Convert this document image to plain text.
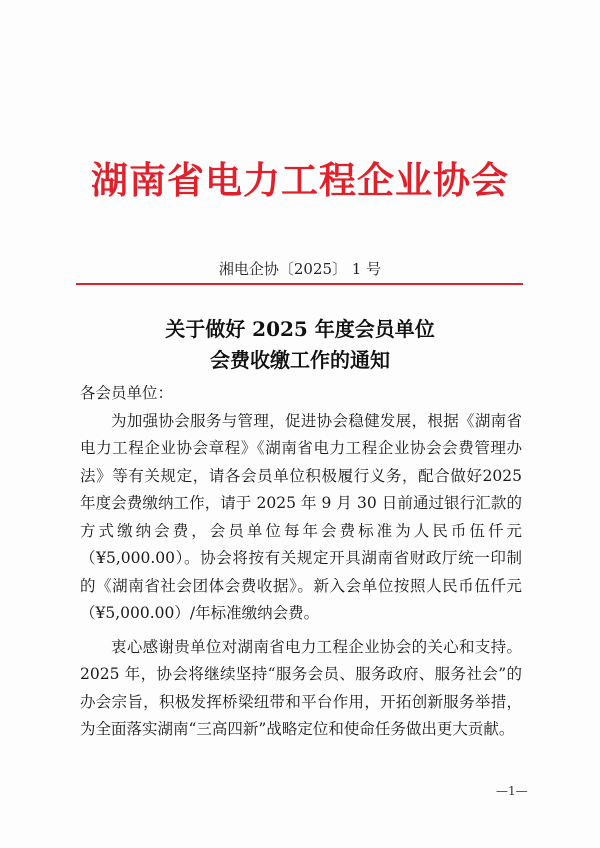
湖南省电力工程企业协会
湘电企协〔2025〕 1 号
关于做好 2025 年度会员单位
会费收缴工作的通知

各会员单位：

为加强协会服务与管理，促进协会稳健发展，根据《湖南省电力工程企业协会章程》《湖南省电力工程企业协会会费管理办法》等有关规定，请各会员单位积极履行义务，配合做好2025年度会费缴纳工作，请于 2025 年 9 月 30 日前通过银行汇款的方式缴纳会费，会员单位每年会费标准为人民币伍仟元（¥5,000.00）。协会将按有关规定开具湖南省财政厅统一印制的《湖南省社会团体会费收据》。新入会单位按照人民币伍仟元（¥5,000.00）/年标准缴纳会费。

衷心感谢贵单位对湖南省电力工程企业协会的关心和支持。2025 年，协会将继续坚持“服务会员、服务政府、服务社会”的办会宗旨，积极发挥桥梁纽带和平台作用，开拓创新服务举措，为全面落实湖南“三高四新”战略定位和使命任务做出更大贡献。

—1—
